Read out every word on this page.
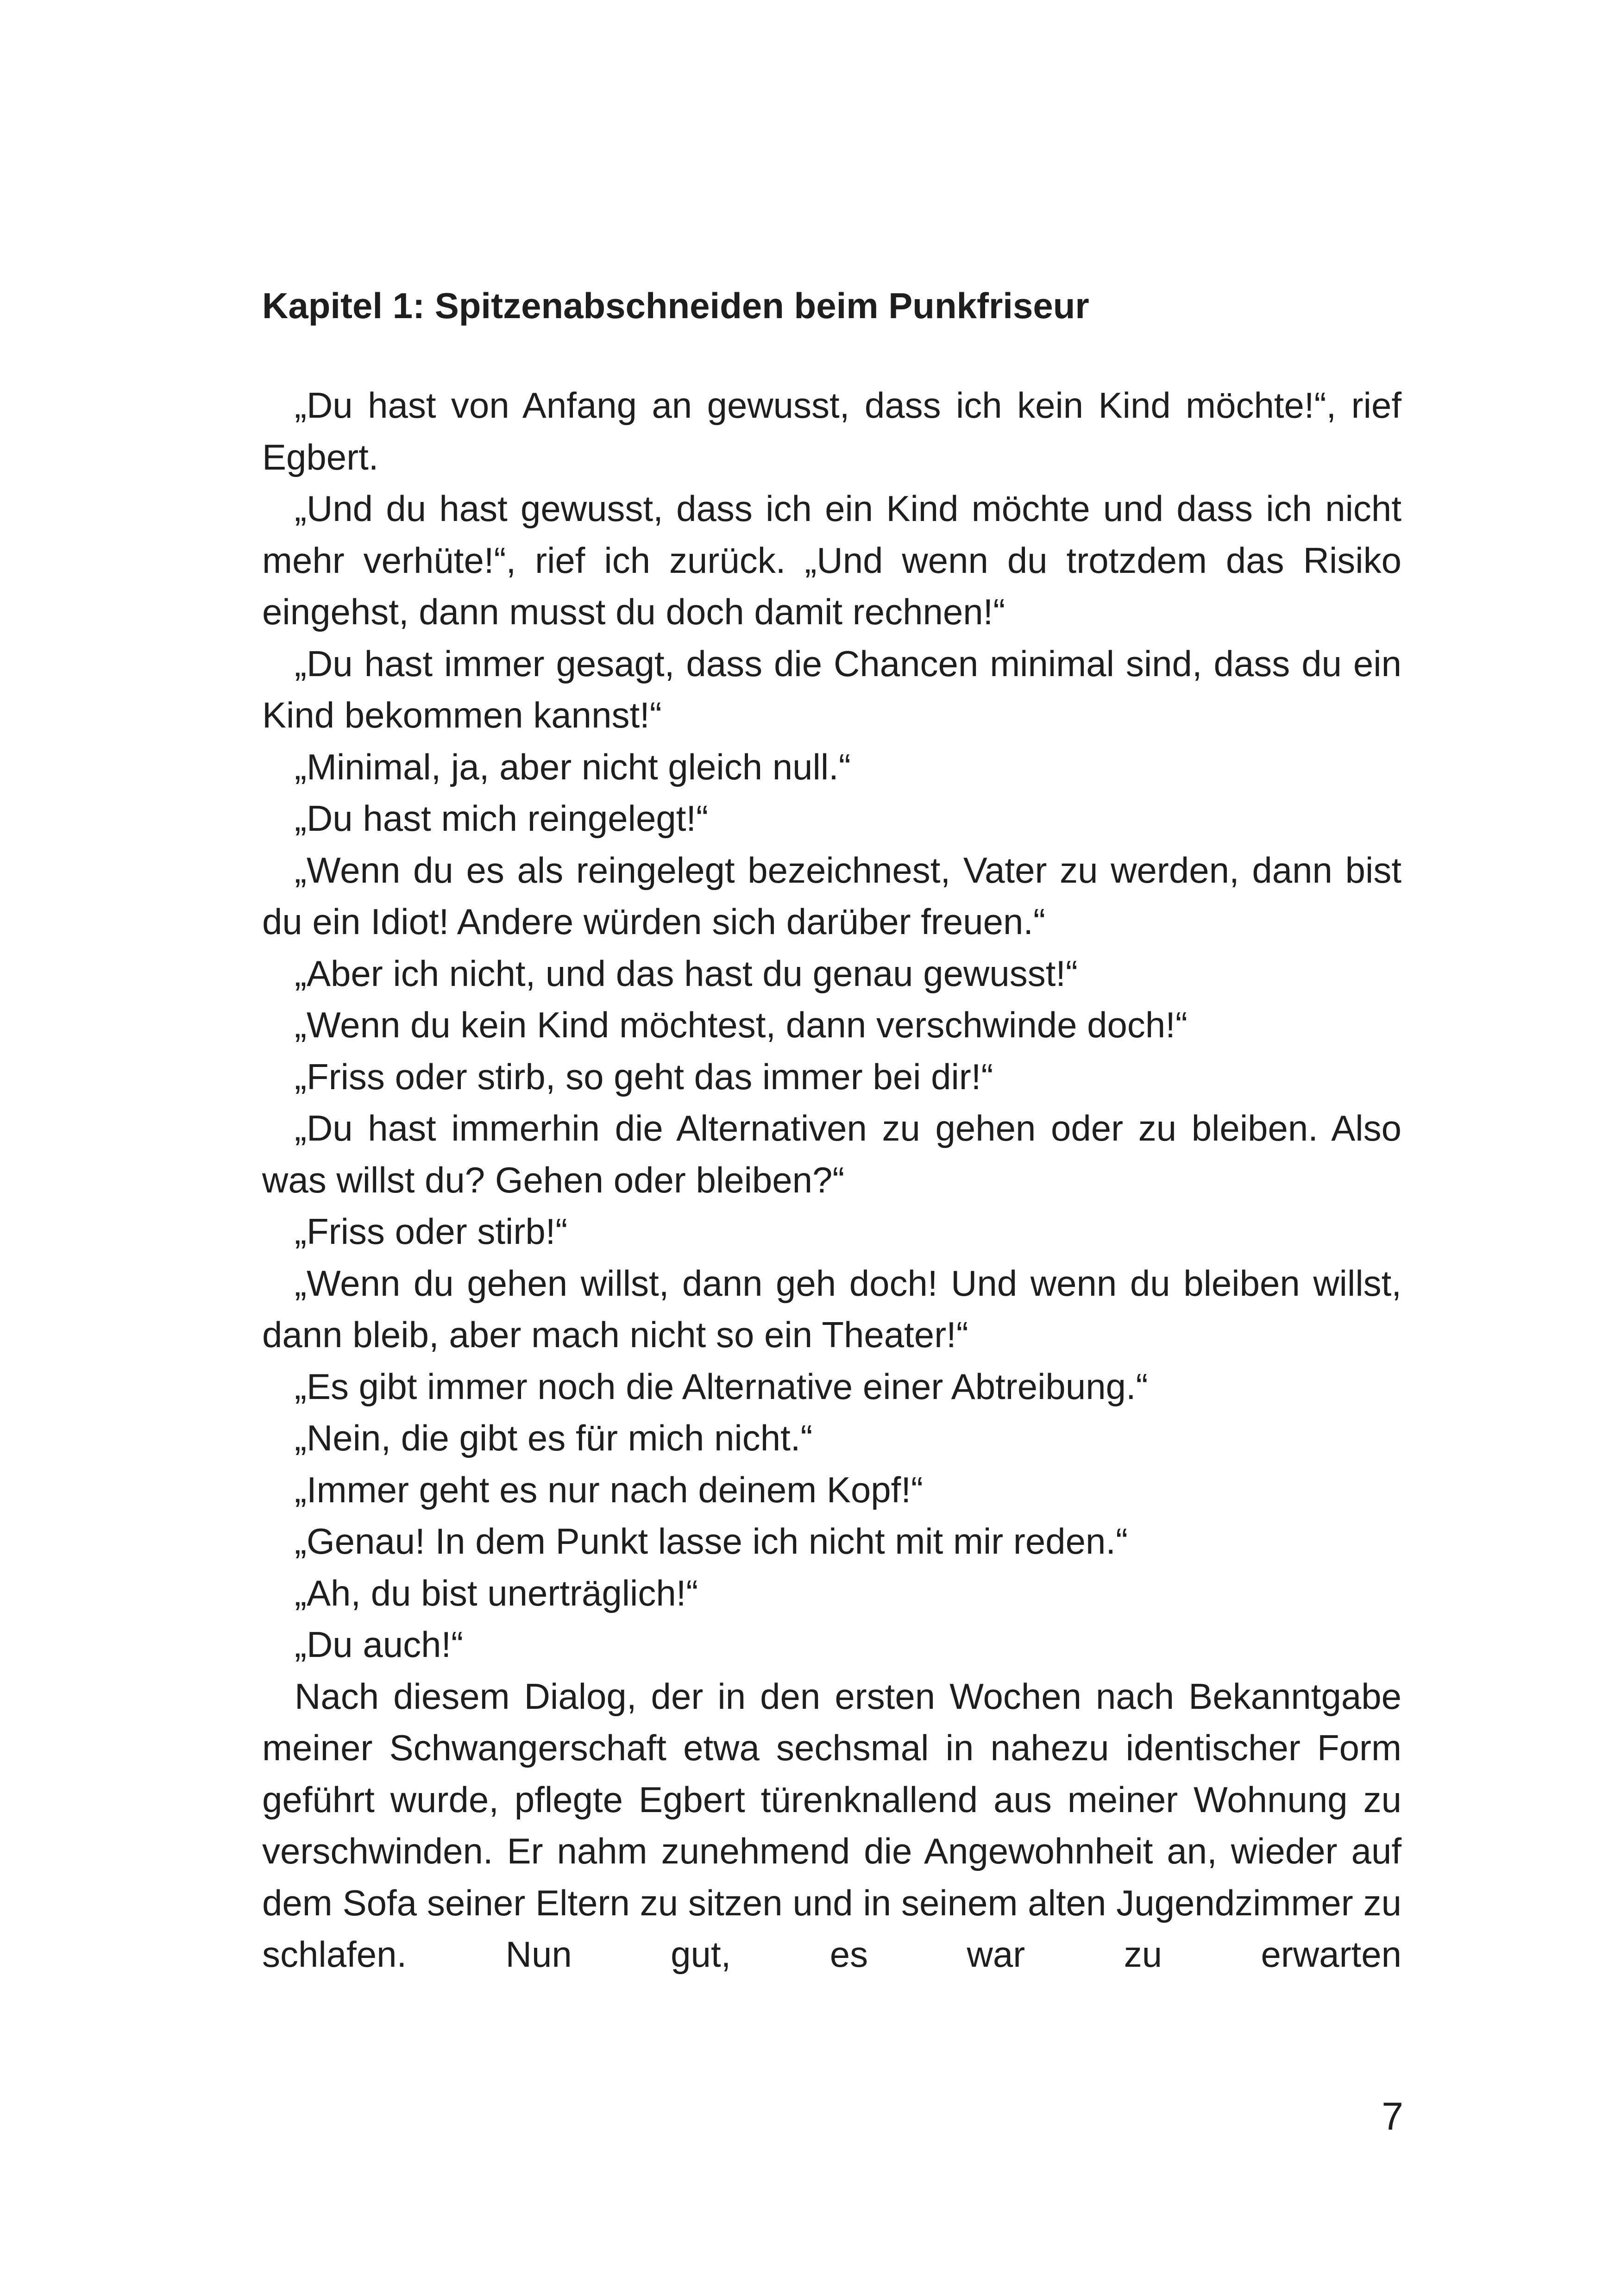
Kapitel 1: Spitzenabschneiden beim Punkfriseur

„Du hast von Anfang an gewusst, dass ich kein Kind möchte!“, rief Egbert.

„Und du hast gewusst, dass ich ein Kind möchte und dass ich nicht mehr verhüte!“, rief ich zurück. „Und wenn du trotzdem das Risiko eingehst, dann musst du doch damit rechnen!“

„Du hast immer gesagt, dass die Chancen minimal sind, dass du ein Kind bekommen kannst!“

„Minimal, ja, aber nicht gleich null.“

„Du hast mich reingelegt!“

„Wenn du es als reingelegt bezeichnest, Vater zu werden, dann bist du ein Idiot! Andere würden sich darüber freuen.“

„Aber ich nicht, und das hast du genau gewusst!“

„Wenn du kein Kind möchtest, dann verschwinde doch!“

„Friss oder stirb, so geht das immer bei dir!“

„Du hast immerhin die Alternativen zu gehen oder zu bleiben. Also was willst du? Gehen oder bleiben?“

„Friss oder stirb!“

„Wenn du gehen willst, dann geh doch! Und wenn du bleiben willst, dann bleib, aber mach nicht so ein Theater!“

„Es gibt immer noch die Alternative einer Abtreibung.“

„Nein, die gibt es für mich nicht.“

„Immer geht es nur nach deinem Kopf!“

„Genau! In dem Punkt lasse ich nicht mit mir reden.“

„Ah, du bist unerträglich!“

„Du auch!“

Nach diesem Dialog, der in den ersten Wochen nach Bekanntgabe meiner Schwangerschaft etwa sechsmal in nahezu identischer Form geführt wurde, pflegte Egbert türenknallend aus meiner Wohnung zu verschwinden. Er nahm zunehmend die Angewohnheit an, wieder auf dem Sofa seiner Eltern zu sitzen und in seinem alten Jugendzimmer zu schlafen. Nun gut, es war zu erwarten

7
